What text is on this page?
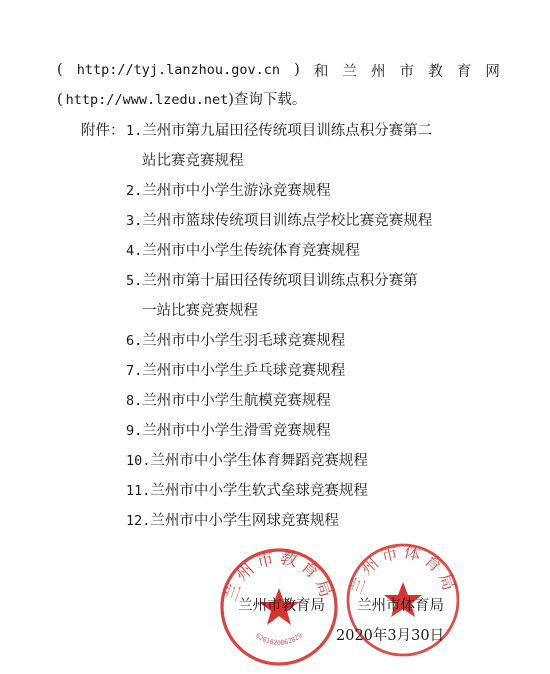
( http://tyj.lanzhou.gov.cn ) 和 兰 州 市 教 育 网
( http://www.lzedu.net)查询下载。
附件： 1.兰州市第九届田径传统项目训练点积分赛第二
站比赛竞赛规程
2.兰州市中小学生游泳竞赛规程
3.兰州市篮球传统项目训练点学校比赛竞赛规程
4.兰州市中小学生传统体育竞赛规程
5.兰州市第十届田径传统项目训练点积分赛第
一站比赛竞赛规程
6.兰州市中小学生羽毛球竞赛规程
7.兰州市中小学生乒乓球竞赛规程
8.兰州市中小学生航模竞赛规程
9.兰州市中小学生滑雪竞赛规程
10.兰州市中小学生体育舞蹈竞赛规程
11.兰州市中小学生软式垒球竞赛规程
12.兰州市中小学生网球竞赛规程
兰州市教育局
6201020062829
兰州市体育局
兰州市教育局 兰州市体育局
2020年3月30日
